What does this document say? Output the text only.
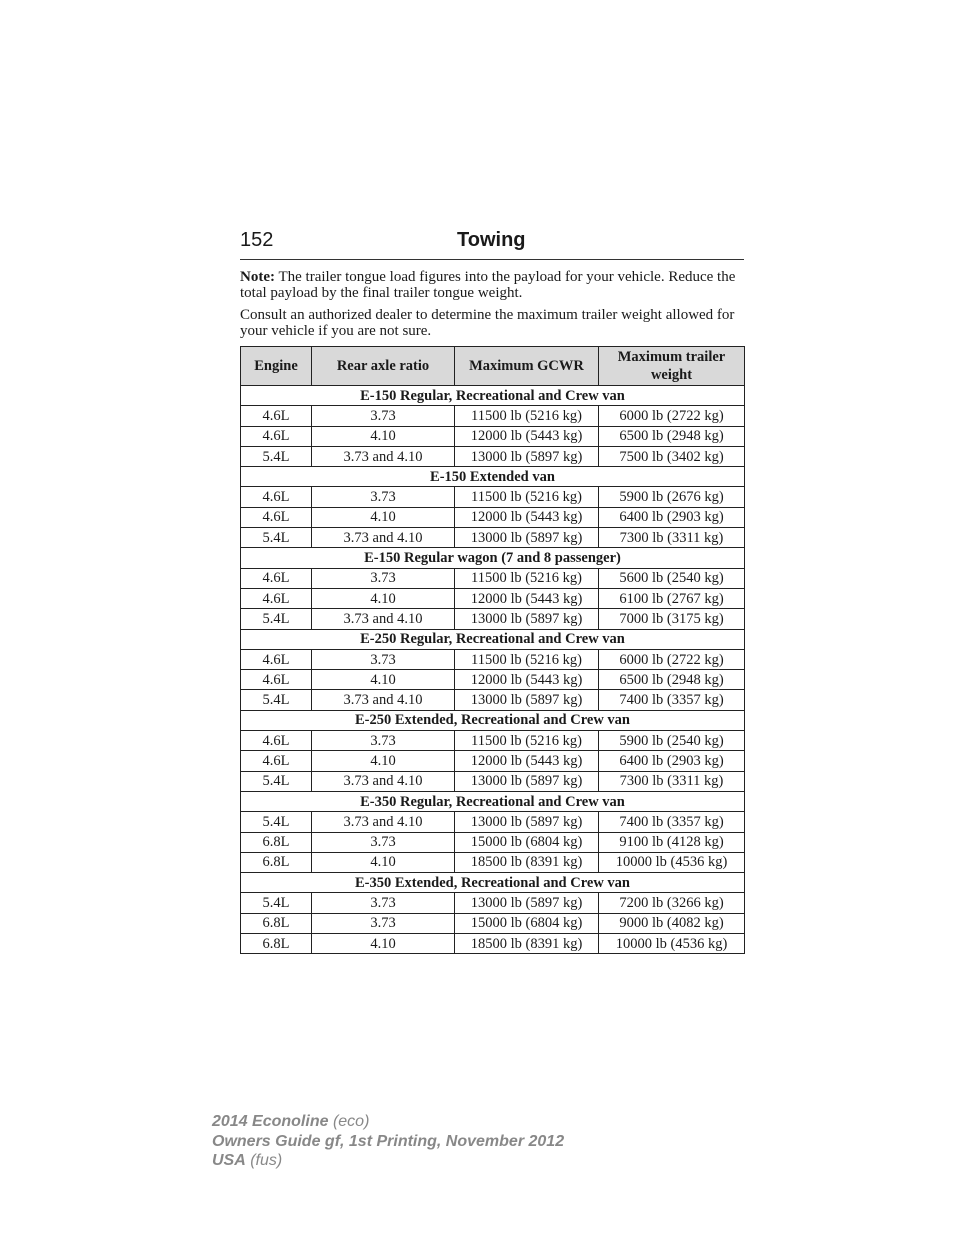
152	Towing

Note: The trailer tongue load figures into the payload for your vehicle. Reduce the total payload by the final trailer tongue weight.

Consult an authorized dealer to determine the maximum trailer weight allowed for your vehicle if you are not sure.

Engine	Rear axle ratio	Maximum GCWR	Maximum trailer weight
E-150 Regular, Recreational and Crew van			
4.6L	3.73	11500 lb (5216 kg)	6000 lb (2722 kg)
4.6L	4.10	12000 lb (5443 kg)	6500 lb (2948 kg)
5.4L	3.73 and 4.10	13000 lb (5897 kg)	7500 lb (3402 kg)
E-150 Extended van			
4.6L	3.73	11500 lb (5216 kg)	5900 lb (2676 kg)
4.6L	4.10	12000 lb (5443 kg)	6400 lb (2903 kg)
5.4L	3.73 and 4.10	13000 lb (5897 kg)	7300 lb (3311 kg)
E-150 Regular wagon (7 and 8 passenger)			
4.6L	3.73	11500 lb (5216 kg)	5600 lb (2540 kg)
4.6L	4.10	12000 lb (5443 kg)	6100 lb (2767 kg)
5.4L	3.73 and 4.10	13000 lb (5897 kg)	7000 lb (3175 kg)
E-250 Regular, Recreational and Crew van			
4.6L	3.73	11500 lb (5216 kg)	6000 lb (2722 kg)
4.6L	4.10	12000 lb (5443 kg)	6500 lb (2948 kg)
5.4L	3.73 and 4.10	13000 lb (5897 kg)	7400 lb (3357 kg)
E-250 Extended, Recreational and Crew van			
4.6L	3.73	11500 lb (5216 kg)	5900 lb (2540 kg)
4.6L	4.10	12000 lb (5443 kg)	6400 lb (2903 kg)
5.4L	3.73 and 4.10	13000 lb (5897 kg)	7300 lb (3311 kg)
E-350 Regular, Recreational and Crew van			
5.4L	3.73 and 4.10	13000 lb (5897 kg)	7400 lb (3357 kg)
6.8L	3.73	15000 lb (6804 kg)	9100 lb (4128 kg)
6.8L	4.10	18500 lb (8391 kg)	10000 lb (4536 kg)
E-350 Extended, Recreational and Crew van			
5.4L	3.73	13000 lb (5897 kg)	7200 lb (3266 kg)
6.8L	3.73	15000 lb (6804 kg)	9000 lb (4082 kg)
6.8L	4.10	18500 lb (8391 kg)	10000 lb (4536 kg)
2014 Econoline (eco)
Owners Guide gf, 1st Printing, November 2012
USA (fus)
